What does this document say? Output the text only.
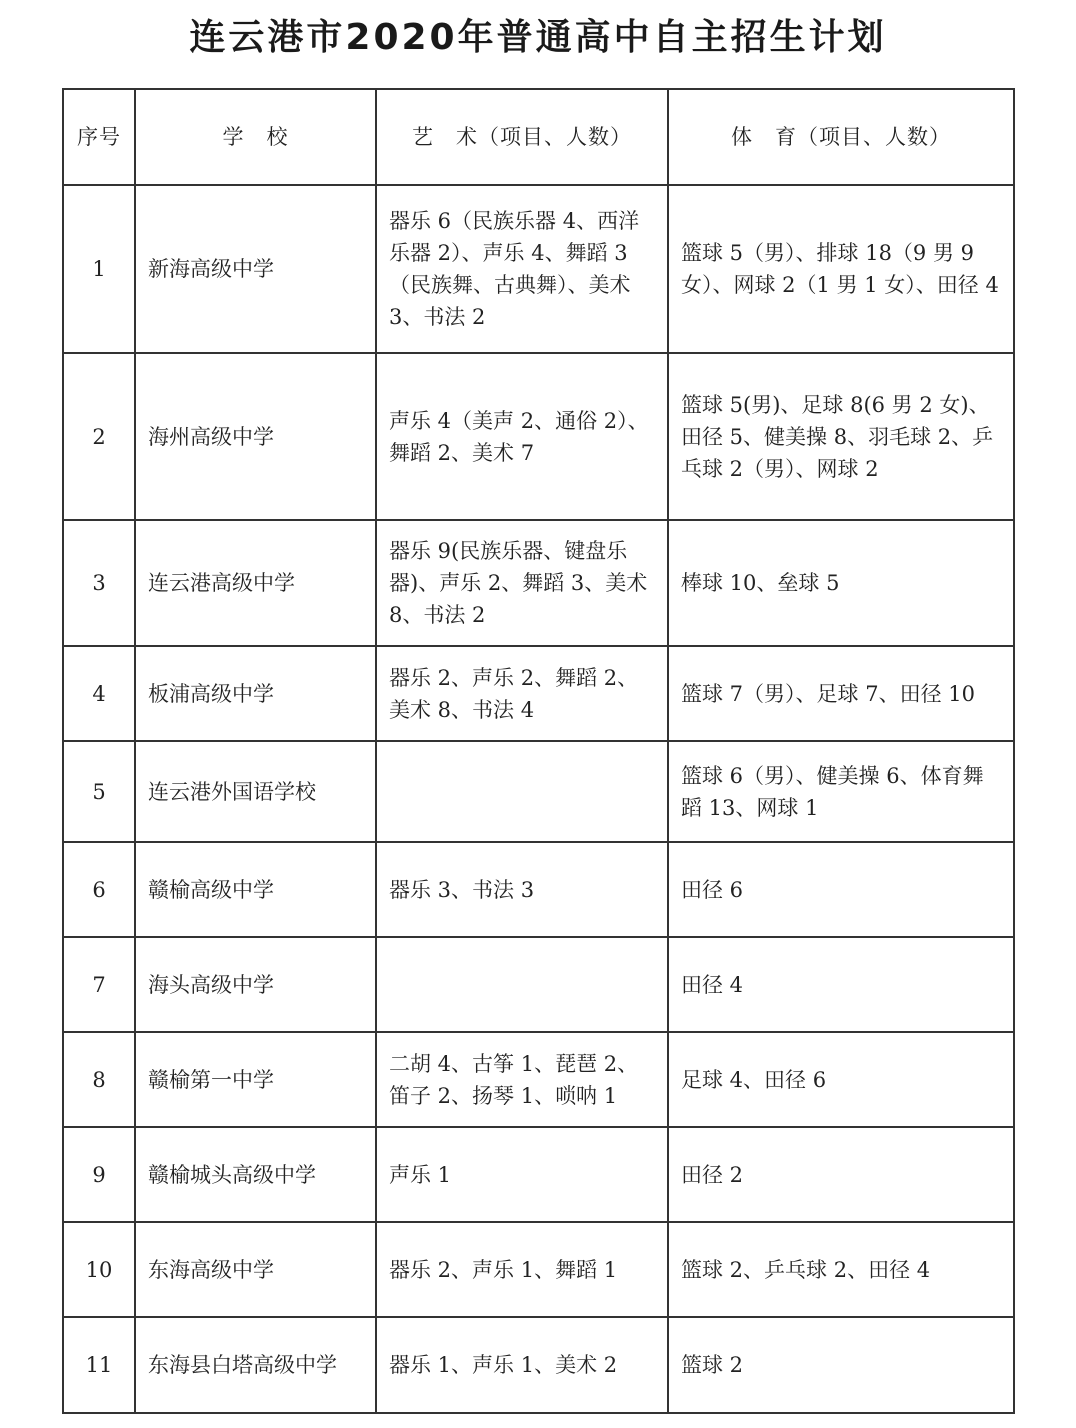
连云港市2020年普通高中自主招生计划
序号	学　校	艺　术（项目、人数）	体　育（项目、人数）
1	新海高级中学	器乐 6（民族乐器 4、西洋乐器 2）、声乐 4、舞蹈 3（民族舞、古典舞）、美术 3、书法 2	篮球 5（男）、排球 18（9 男 9 女）、网球 2（1 男 1 女）、田径 4
2	海州高级中学	声乐 4（美声 2、通俗 2）、舞蹈 2、美术 7	篮球 5(男)、足球 8(6 男 2 女)、田径 5、健美操 8、羽毛球 2、乒乓球 2（男）、网球 2
3	连云港高级中学	器乐 9(民族乐器、键盘乐器)、声乐 2、舞蹈 3、美术 8、书法 2	棒球 10、垒球 5
4	板浦高级中学	器乐 2、声乐 2、舞蹈 2、美术 8、书法 4	篮球 7（男）、足球 7、田径 10
5	连云港外国语学校		篮球 6（男）、健美操 6、体育舞蹈 13、网球 1
6	赣榆高级中学	器乐 3、书法 3	田径 6
7	海头高级中学		田径 4
8	赣榆第一中学	二胡 4、古筝 1、琵琶 2、笛子 2、扬琴 1、唢呐 1	足球 4、田径 6
9	赣榆城头高级中学	声乐 1	田径 2
10	东海高级中学	器乐 2、声乐 1、舞蹈 1	篮球 2、乒乓球 2、田径 4
11	东海县白塔高级中学	器乐 1、声乐 1、美术 2	篮球 2
